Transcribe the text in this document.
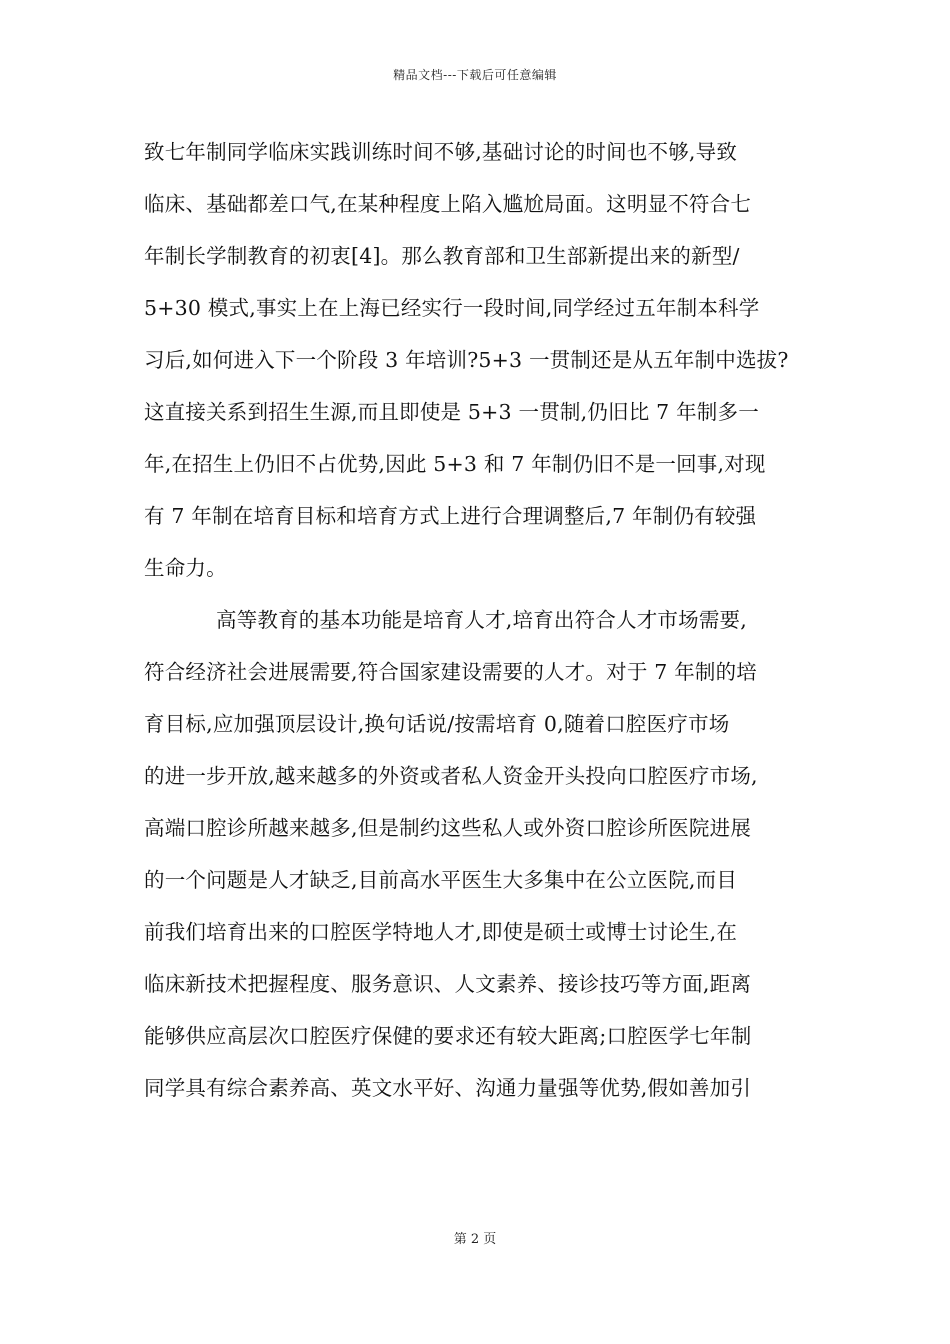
精品文档---下载后可任意编辑
致七年制同学临床实践训练时间不够,基础讨论的时间也不够,导致
临床、基础都差口气,在某种程度上陷入尴尬局面。这明显不符合七
年制长学制教育的初衷[4]。那么教育部和卫生部新提出来的新型/
5+30 模式,事实上在上海已经实行一段时间,同学经过五年制本科学
习后,如何进入下一个阶段 3 年培训?5+3 一贯制还是从五年制中选拔?
这直接关系到招生生源,而且即使是 5+3 一贯制,仍旧比 7 年制多一
年,在招生上仍旧不占优势,因此 5+3 和 7 年制仍旧不是一回事,对现
有 7 年制在培育目标和培育方式上进行合理调整后,7 年制仍有较强
生命力。
高等教育的基本功能是培育人才,培育出符合人才市场需要,
符合经济社会进展需要,符合国家建设需要的人才。对于 7 年制的培
育目标,应加强顶层设计,换句话说/按需培育 0,随着口腔医疗市场
的进一步开放,越来越多的外资或者私人资金开头投向口腔医疗市场,
高端口腔诊所越来越多,但是制约这些私人或外资口腔诊所医院进展
的一个问题是人才缺乏,目前高水平医生大多集中在公立医院,而目
前我们培育出来的口腔医学特地人才,即使是硕士或博士讨论生,在
临床新技术把握程度、服务意识、人文素养、接诊技巧等方面,距离
能够供应高层次口腔医疗保健的要求还有较大距离;口腔医学七年制
同学具有综合素养高、英文水平好、沟通力量强等优势,假如善加引
第 2 页
